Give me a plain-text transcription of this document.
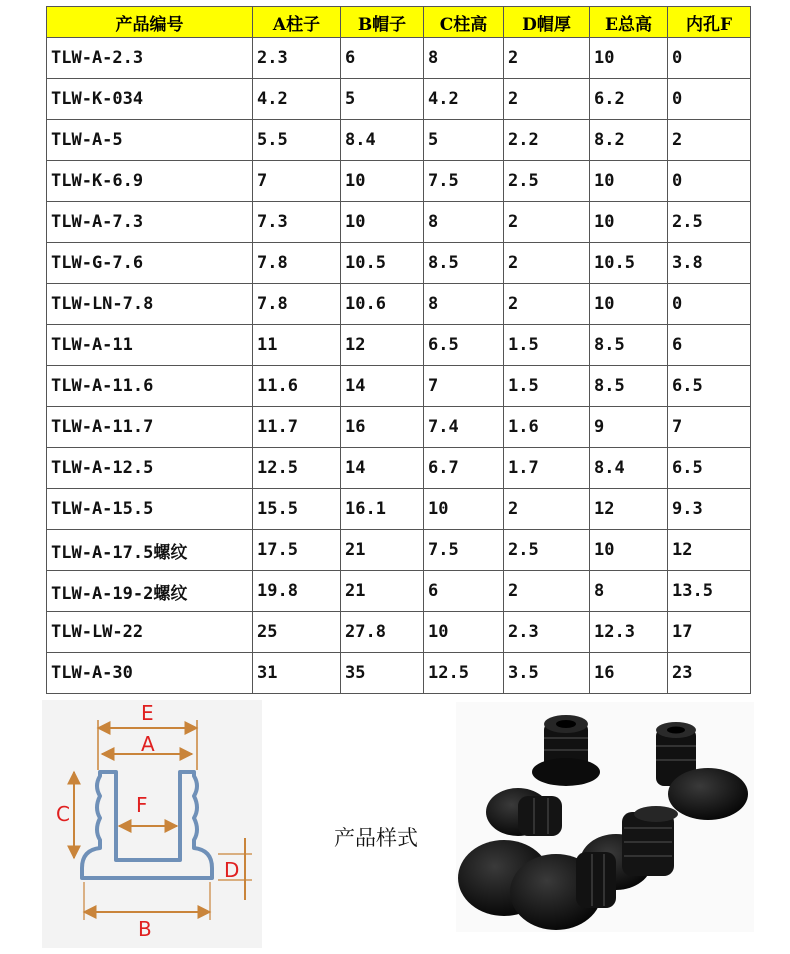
产品编号	A柱子	B帽子	C柱高	D帽厚	E总高	内孔F
TLW-A-2.3	2.3	6	8	2	10	0
TLW-K-034	4.2	5	4.2	2	6.2	0
TLW-A-5	5.5	8.4	5	2.2	8.2	2
TLW-K-6.9	7	10	7.5	2.5	10	0
TLW-A-7.3	7.3	10	8	2	10	2.5
TLW-G-7.6	7.8	10.5	8.5	2	10.5	3.8
TLW-LN-7.8	7.8	10.6	8	2	10	0
TLW-A-11	11	12	6.5	1.5	8.5	6
TLW-A-11.6	11.6	14	7	1.5	8.5	6.5
TLW-A-11.7	11.7	16	7.4	1.6	9	7
TLW-A-12.5	12.5	14	6.7	1.7	8.4	6.5
TLW-A-15.5	15.5	16.1	10	2	12	9.3
TLW-A-17.5螺纹	17.5	21	7.5	2.5	10	12
TLW-A-19-2螺纹	19.8	21	6	2	8	13.5
TLW-LW-22	25	27.8	10	2.3	12.3	17
TLW-A-30	31	35	12.5	3.5	16	23
E
A
C	F
D
B
产品样式
